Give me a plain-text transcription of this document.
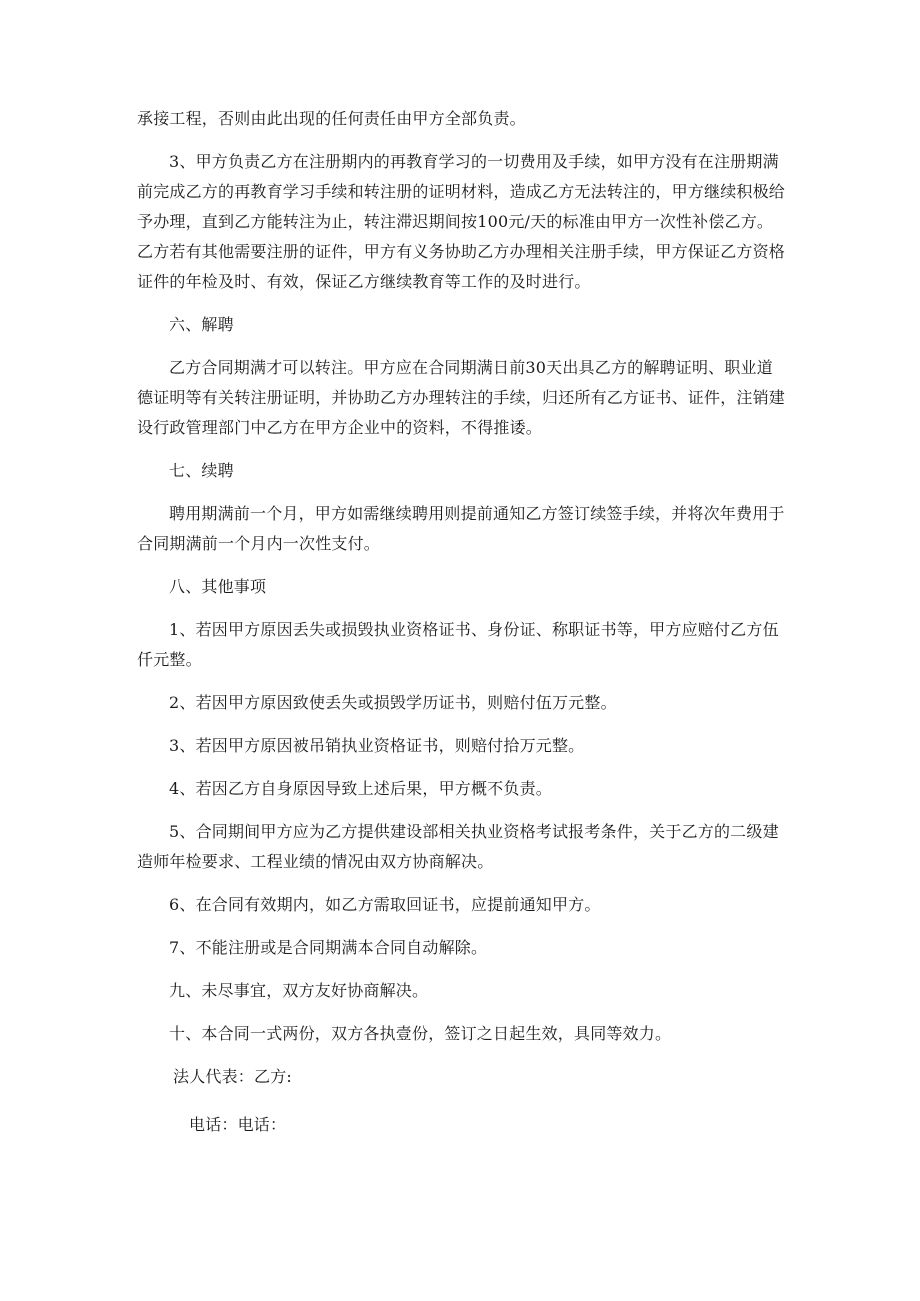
承接工程，否则由此出现的任何责任由甲方全部负责。

3、甲方负责乙方在注册期内的再教育学习的一切费用及手续，如甲方没有在注册期满前完成乙方的再教育学习手续和转注册的证明材料，造成乙方无法转注的，甲方继续积极给予办理，直到乙方能转注为止，转注滞迟期间按100元/天的标准由甲方一次性补偿乙方。乙方若有其他需要注册的证件，甲方有义务协助乙方办理相关注册手续，甲方保证乙方资格证件的年检及时、有效，保证乙方继续教育等工作的及时进行。

六、解聘

乙方合同期满才可以转注。甲方应在合同期满日前30天出具乙方的解聘证明、职业道德证明等有关转注册证明，并协助乙方办理转注的手续，归还所有乙方证书、证件，注销建设行政管理部门中乙方在甲方企业中的资料，不得推诿。

七、续聘

聘用期满前一个月，甲方如需继续聘用则提前通知乙方签订续签手续，并将次年费用于合同期满前一个月内一次性支付。

八、其他事项

1、若因甲方原因丢失或损毁执业资格证书、身份证、称职证书等，甲方应赔付乙方伍仟元整。

2、若因甲方原因致使丢失或损毁学历证书，则赔付伍万元整。

3、若因甲方原因被吊销执业资格证书，则赔付拾万元整。

4、若因乙方自身原因导致上述后果，甲方概不负责。

5、合同期间甲方应为乙方提供建设部相关执业资格考试报考条件，关于乙方的二级建造师年检要求、工程业绩的情况由双方协商解决。

6、在合同有效期内，如乙方需取回证书，应提前通知甲方。

7、不能注册或是合同期满本合同自动解除。

九、未尽事宜，双方友好协商解决。

十、本合同一式两份，双方各执壹份，签订之日起生效，具同等效力。

法人代表：乙方:

电话：电话：
